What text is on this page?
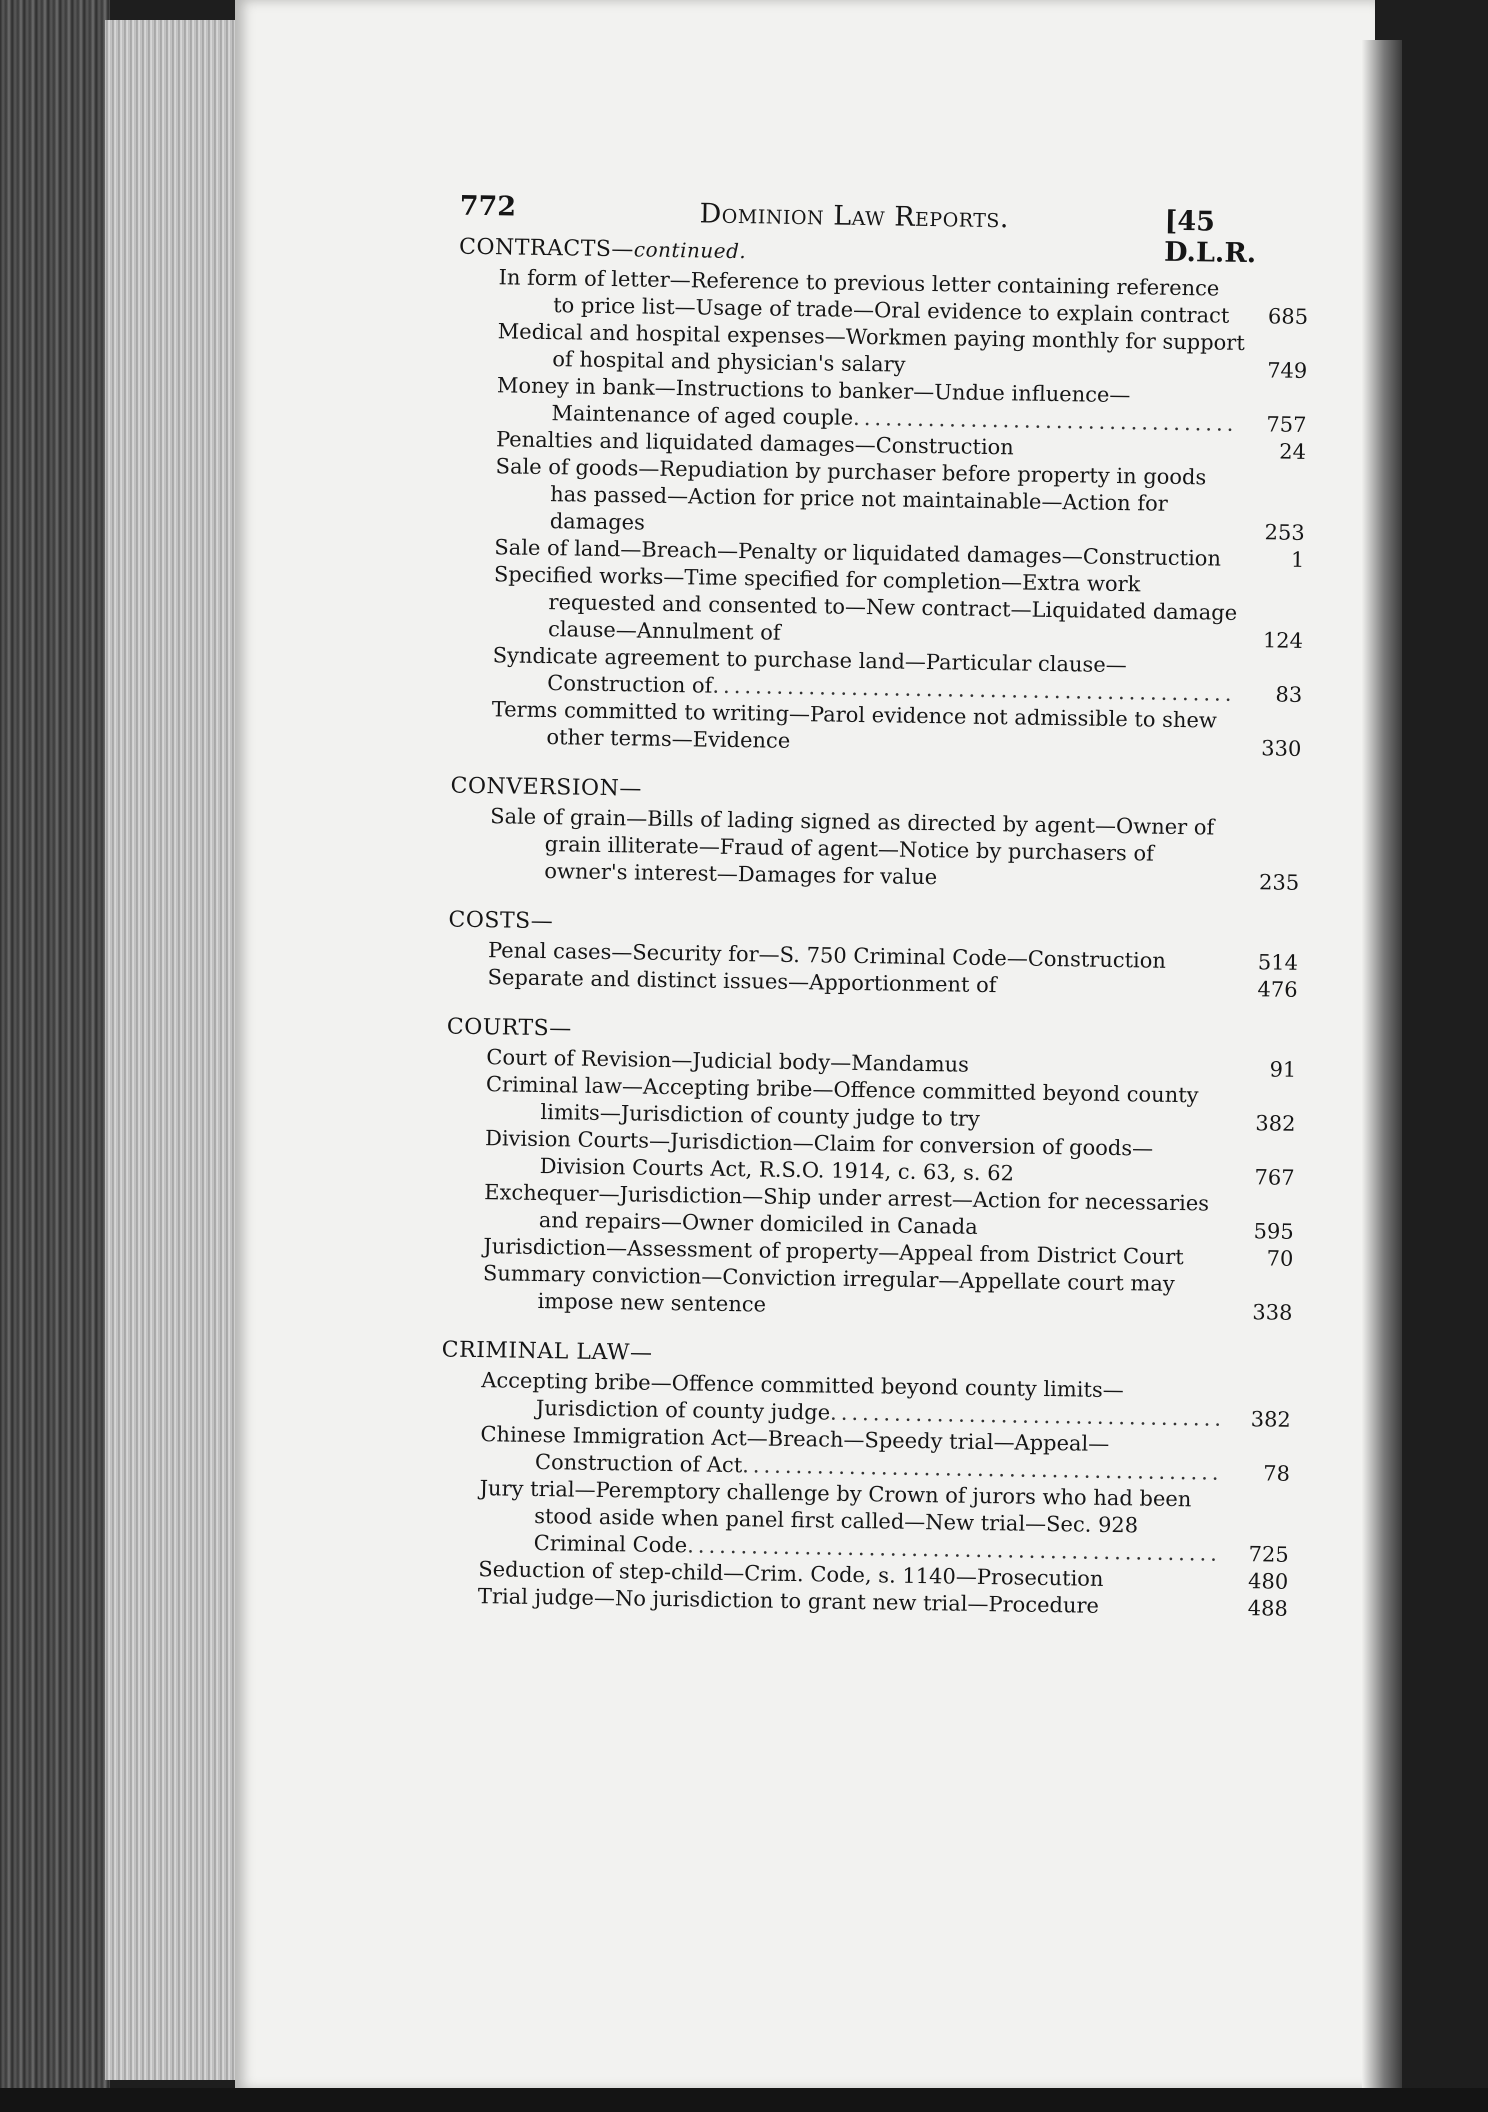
772	Dominion Law Reports.	[45 D.L.R.
CONTRACTS—continued.
In form of letter—Reference to previous letter containing reference to price list—Usage of trade—Oral evidence to explain contract	685
Medical and hospital expenses—Workmen paying monthly for support of hospital and physician's salary	749
Money in bank—Instructions to banker—Undue influence—Maintenance of aged couple....................................	757
Penalties and liquidated damages—Construction	24
Sale of goods—Repudiation by purchaser before property in goods has passed—Action for price not maintainable—Action for damages	253
Sale of land—Breach—Penalty or liquidated damages—Construction	1
Specified works—Time specified for completion—Extra work requested and consented to—New contract—Liquidated damage clause—Annulment of	124
Syndicate agreement to purchase land—Particular clause—Construction of.................................................	83
Terms committed to writing—Parol evidence not admissible to shew other terms—Evidence	330
CONVERSION—
Sale of grain—Bills of lading signed as directed by agent—Owner of grain illiterate—Fraud of agent—Notice by purchasers of owner's interest—Damages for value	235
COSTS—
Penal cases—Security for—S. 750 Criminal Code—Construction	514
Separate and distinct issues—Apportionment of	476
COURTS—
Court of Revision—Judicial body—Mandamus	91
Criminal law—Accepting bribe—Offence committed beyond county limits—Jurisdiction of county judge to try	382
Division Courts—Jurisdiction—Claim for conversion of goods—Division Courts Act, R.S.O. 1914, c. 63, s. 62	767
Exchequer—Jurisdiction—Ship under arrest—Action for necessaries and repairs—Owner domiciled in Canada	595
Jurisdiction—Assessment of property—Appeal from District Court	70
Summary conviction—Conviction irregular—Appellate court may impose new sentence	338
CRIMINAL LAW—
Accepting bribe—Offence committed beyond county limits—Jurisdiction of county judge.....................................	382
Chinese Immigration Act—Breach—Speedy trial—Appeal—Construction of Act.............................................	78
Jury trial—Peremptory challenge by Crown of jurors who had been stood aside when panel first called—New trial—Sec. 928 Criminal Code..................................................	725
Seduction of step-child—Crim. Code, s. 1140—Prosecution	480
Trial judge—No jurisdiction to grant new trial—Procedure	488
